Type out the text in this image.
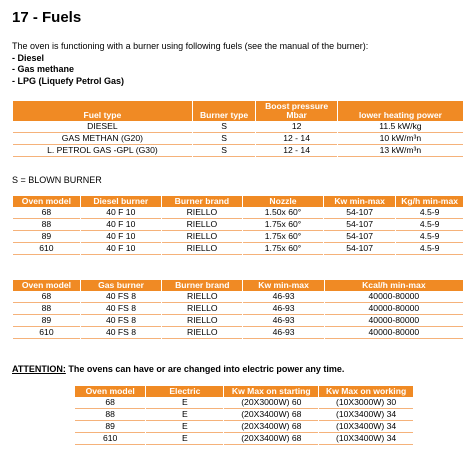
17 - Fuels
The oven is functioning with a burner using following fuels (see the manual of the burner):
- Diesel
- Gas methane
- LPG (Liquefy Petrol Gas)
Fuel type	Burner type	Boost pressure Mbar	lower heating power
DIESEL	S	12	11.5 kW/kg
GAS METHAN (G20)	S	12 - 14	10 kW/m³n
L. PETROL GAS -GPL (G30)	S	12 - 14	13 kW/m³n
S = BLOWN BURNER
Oven model	Diesel burner	Burner brand	Nozzle	Kw min-max	Kg/h min-max
68	40 F 10	RIELLO	1.50x 60°	54-107	4.5-9
88	40 F 10	RIELLO	1.75x 60°	54-107	4.5-9
89	40 F 10	RIELLO	1.75x 60°	54-107	4.5-9
610	40 F 10	RIELLO	1.75x 60°	54-107	4.5-9
Oven model	Gas burner	Burner brand	Kw min-max	Kcal/h min-max
68	40 FS 8	RIELLO	46-93	40000-80000
88	40 FS 8	RIELLO	46-93	40000-80000
89	40 FS 8	RIELLO	46-93	40000-80000
610	40 FS 8	RIELLO	46-93	40000-80000
ATTENTION: The ovens can have or are changed into electric power any time.
Oven model	Electric	Kw Max on starting	Kw Max on working
68	E	(20X3000W) 60	(10X3000W) 30
88	E	(20X3400W) 68	(10X3400W) 34
89	E	(20X3400W) 68	(10X3400W) 34
610	E	(20X3400W) 68	(10X3400W) 34
